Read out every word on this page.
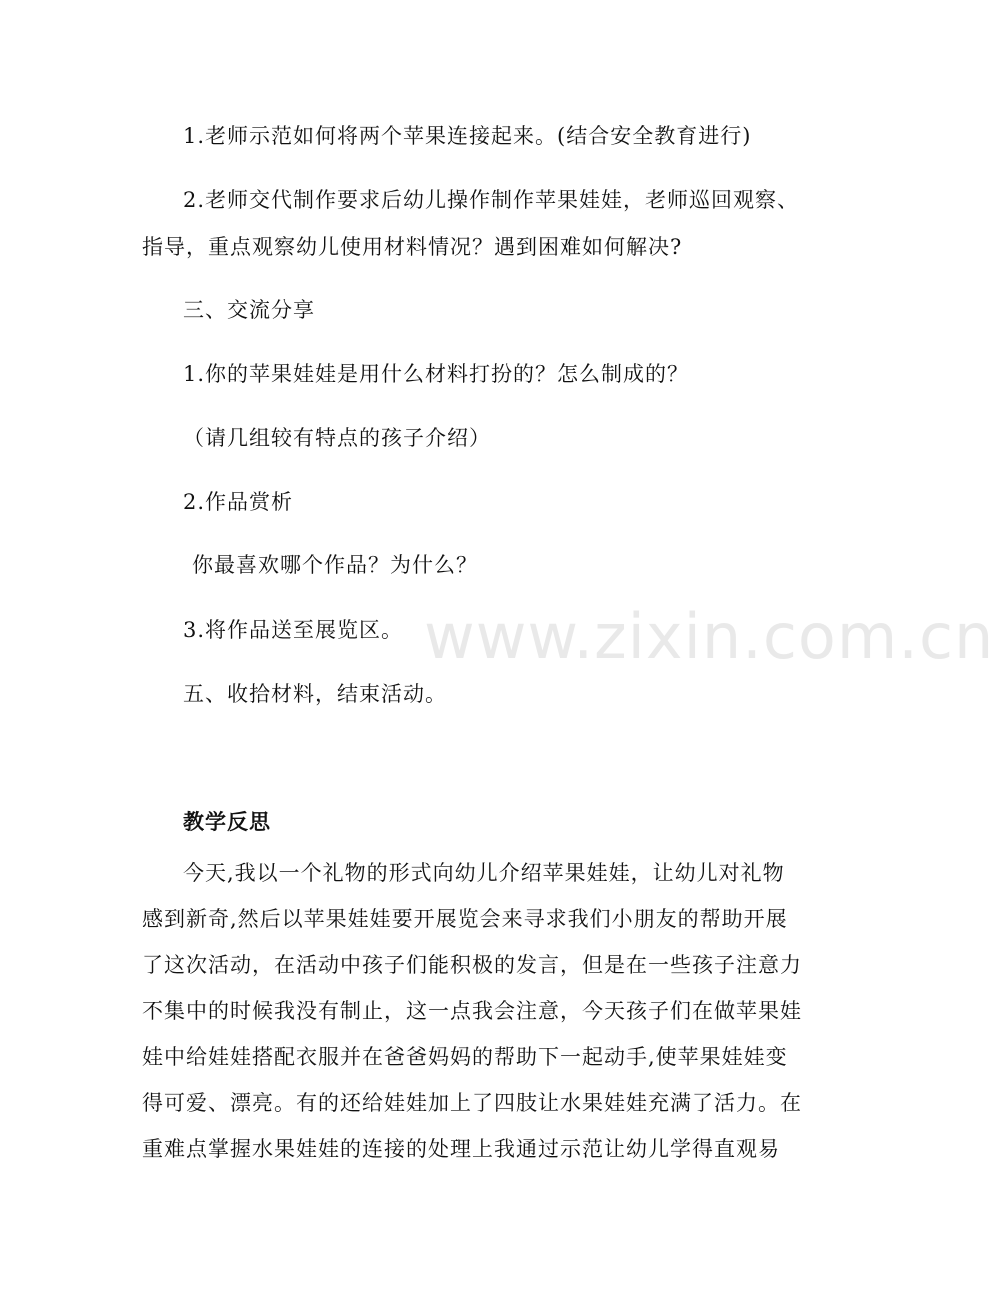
1.老师示范如何将两个苹果连接起来。(结合安全教育进行)
2.老师交代制作要求后幼儿操作制作苹果娃娃，老师巡回观察、
指导，重点观察幼儿使用材料情况？遇到困难如何解决?
三、交流分享
1.你的苹果娃娃是用什么材料打扮的？怎么制成的？
（请几组较有特点的孩子介绍）
2.作品赏析
你最喜欢哪个作品？为什么？
3.将作品送至展览区。
五、收拾材料，结束活动。
教学反思
今天,我以一个礼物的形式向幼儿介绍苹果娃娃，让幼儿对礼物
感到新奇,然后以苹果娃娃要开展览会来寻求我们小朋友的帮助开展
了这次活动，在活动中孩子们能积极的发言，但是在一些孩子注意力
不集中的时候我没有制止，这一点我会注意，今天孩子们在做苹果娃
娃中给娃娃搭配衣服并在爸爸妈妈的帮助下一起动手,使苹果娃娃变
得可爱、漂亮。有的还给娃娃加上了四肢让水果娃娃充满了活力。在
重难点掌握水果娃娃的连接的处理上我通过示范让幼儿学得直观易
www.zixin.com.cn
